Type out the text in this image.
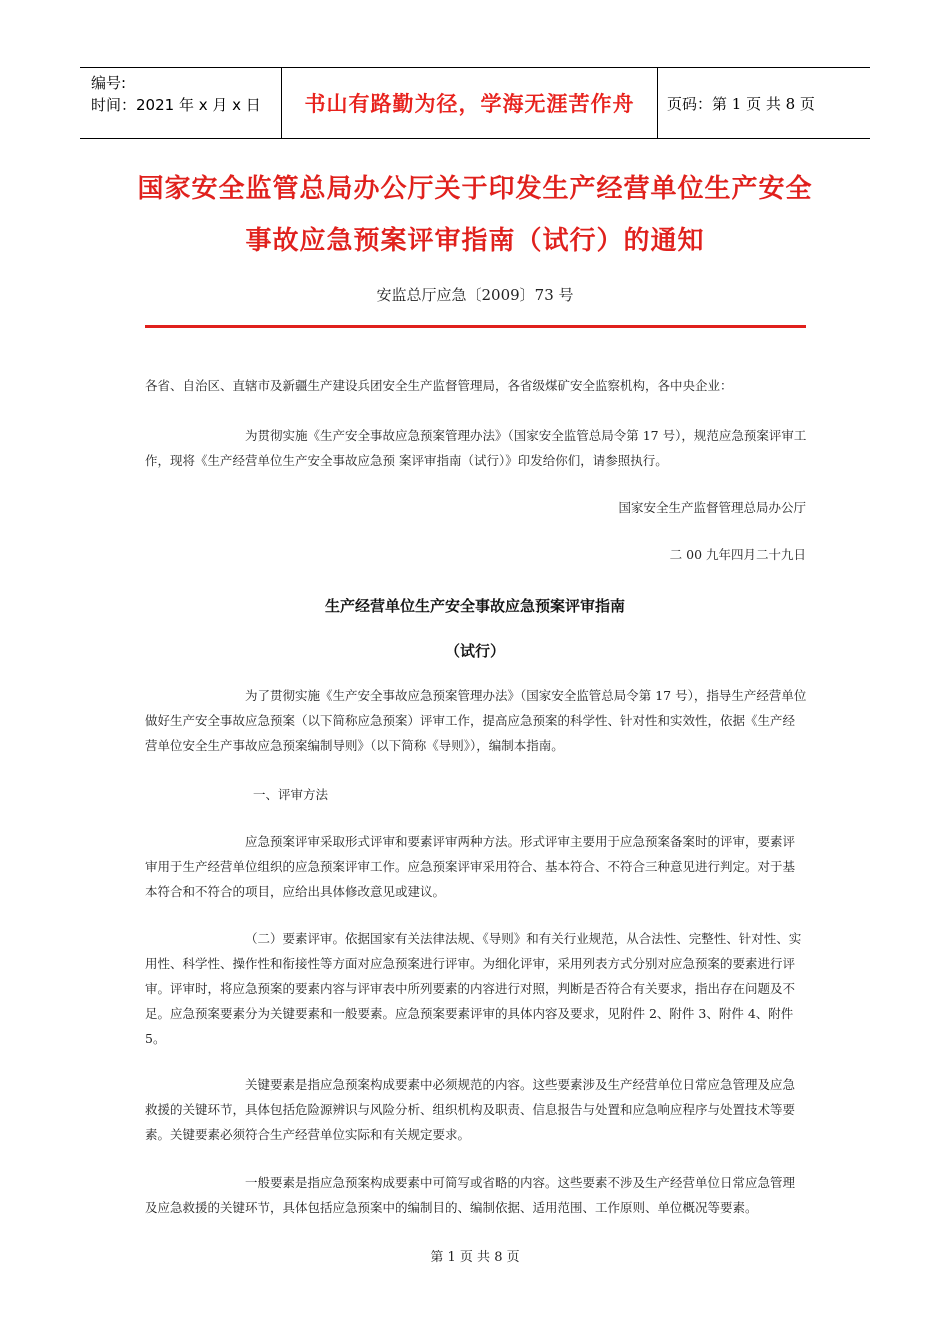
编号:
时间：2021 年 x 月 x 日	书山有路勤为径，学海无涯苦作舟 页码：第 1 页 共 8 页
国家安全监管总局办公厅关于印发生产经营单位生产安全
事故应急预案评审指南（试行）的通知
安监总厅应急〔2009〕73 号

各省、自治区、直辖市及新疆生产建设兵团安全生产监督管理局，各省级煤矿安全监察机构，各中央企业：

为贯彻实施《生产安全事故应急预案管理办法》（国家安全监管总局令第 17 号），规范应急预案评审工作，现将《生产经营单位生产安全事故应急预 案评审指南（试行）》印发给你们，请参照执行。

国家安全生产监督管理总局办公厅
二 00 九年四月二十九日
生产经营单位生产安全事故应急预案评审指南
（试行）

为了贯彻实施《生产安全事故应急预案管理办法》（国家安全监管总局令第 17 号），指导生产经营单位做好生产安全事故应急预案（以下简称应急预案）评审工作，提高应急预案的科学性、针对性和实效性，依据《生产经营单位安全生产事故应急预案编制导则》（以下简称《导则》），编制本指南。

一、评审方法

应急预案评审采取形式评审和要素评审两种方法。形式评审主要用于应急预案备案时的评审，要素评审用于生产经营单位组织的应急预案评审工作。应急预案评审采用符合、基本符合、不符合三种意见进行判定。对于基本符合和不符合的项目，应给出具体修改意见或建议。

（二）要素评审。依据国家有关法律法规、《导则》和有关行业规范，从合法性、完整性、针对性、实用性、科学性、操作性和衔接性等方面对应急预案进行评审。为细化评审，采用列表方式分别对应急预案的要素进行评审。评审时，将应急预案的要素内容与评审表中所列要素的内容进行对照，判断是否符合有关要求，指出存在问题及不足。应急预案要素分为关键要素和一般要素。应急预案要素评审的具体内容及要求，见附件 2、附件 3、附件 4、附件 5。

关键要素是指应急预案构成要素中必须规范的内容。这些要素涉及生产经营单位日常应急管理及应急救援的关键环节，具体包括危险源辨识与风险分析、组织机构及职责、信息报告与处置和应急响应程序与处置技术等要素。关键要素必须符合生产经营单位实际和有关规定要求。

一般要素是指应急预案构成要素中可简写或省略的内容。这些要素不涉及生产经营单位日常应急管理及应急救援的关键环节，具体包括应急预案中的编制目的、编制依据、适用范围、工作原则、单位概况等要素。

第 1 页 共 8 页
